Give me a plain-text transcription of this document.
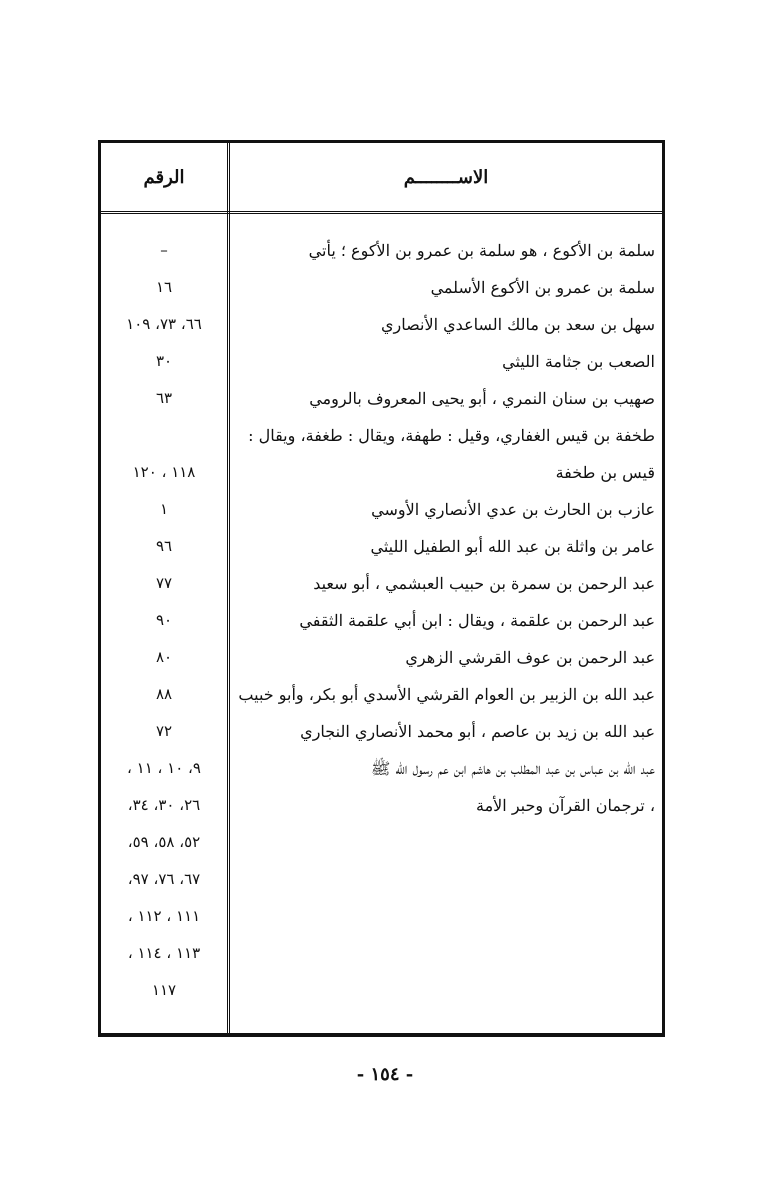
الاســــــــم
الرقم
سلمة بن الأكوع ، هو سلمة بن عمرو بن الأكوع ؛ يأتي
–
سلمة بن عمرو بن الأكوع الأسلمي
١٦
سهل بن سعد بن مالك الساعدي الأنصاري
٦٦، ٧٣، ١٠٩
الصعب بن جثامة الليثي
٣٠
صهيب بن سنان النمري ، أبو يحيى المعروف بالرومي
٦٣
طخفة بن قيس الغفاري، وقيل : طهفة، ويقال : طغفة، ويقال :
قيس بن طخفة
١١٨ ، ١٢٠
عازب بن الحارث بن عدي الأنصاري الأوسي
١
عامر بن واثلة بن عبد الله أبو الطفيل الليثي
٩٦
عبد الرحمن بن سمرة بن حبيب العبشمي ، أبو سعيد
٧٧
عبد الرحمن بن علقمة ، ويقال : ابن أبي علقمة الثقفي
٩٠
عبد الرحمن بن عوف القرشي الزهري
٨٠
عبد الله بن الزبير بن العوام القرشي الأسدي أبو بكر، وأبو خبيب
٨٨
عبد الله بن زيد بن عاصم ، أبو محمد الأنصاري النجاري
٧٢
عبد الله بن عباس بن عبد المطلب بن هاشم ابن عم رسول الله ﷺ
٩، ١٠ ، ١١ ،
، ترجمان القرآن وحبر الأمة
٢٦، ٣٠، ٣٤،
٥٢، ٥٨، ٥٩،
٦٧، ٧٦، ٩٧،
١١١ ، ١١٢ ،
١١٣ ، ١١٤ ،
١١٧
- ١٥٤ -
